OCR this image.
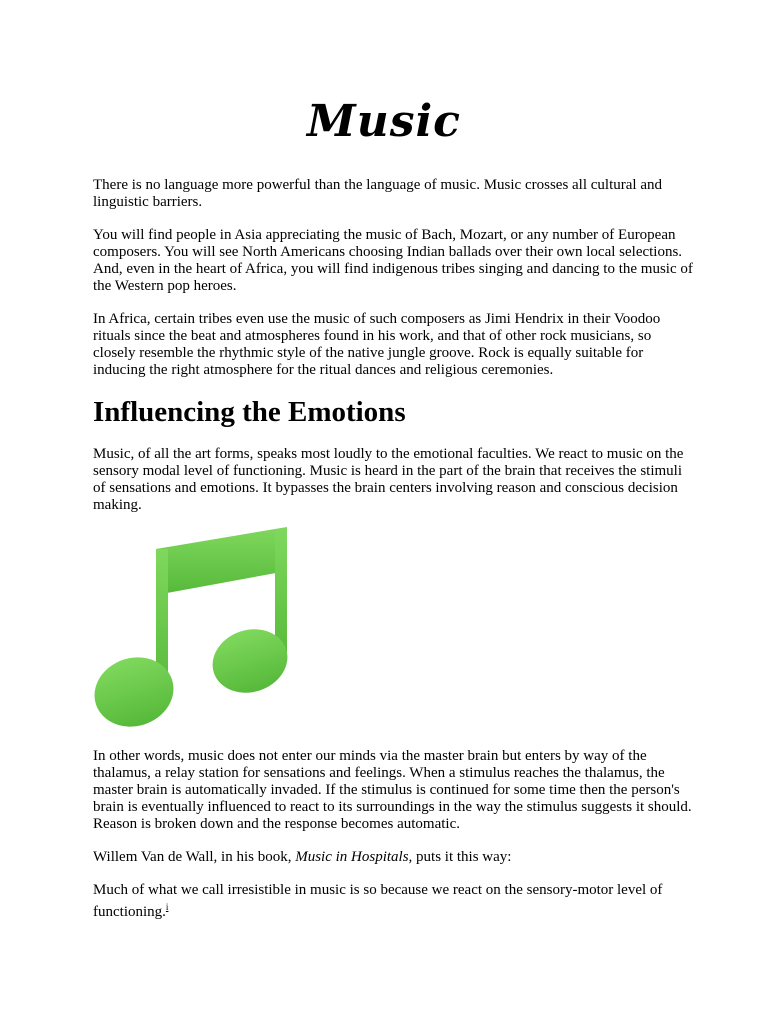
Music

There is no language more powerful than the language of music. Music crosses all cultural and linguistic barriers.

You will find people in Asia appreciating the music of Bach, Mozart, or any number of European composers. You will see North Americans choosing Indian ballads over their own local selections. And, even in the heart of Africa, you will find indigenous tribes singing and dancing to the music of the Western pop heroes.

In Africa, certain tribes even use the music of such composers as Jimi Hendrix in their Voodoo rituals since the beat and atmospheres found in his work, and that of other rock musicians, so closely resemble the rhythmic style of the native jungle groove. Rock is equally suitable for inducing the right atmosphere for the ritual dances and religious ceremonies.

Influencing the Emotions

Music, of all the art forms, speaks most loudly to the emotional faculties. We react to music on the sensory modal level of functioning. Music is heard in the part of the brain that receives the stimuli of sensations and emotions. It bypasses the brain centers involving reason and conscious decision making.

In other words, music does not enter our minds via the master brain but enters by way of the thalamus, a relay station for sensations and feelings. When a stimulus reaches the thalamus, the master brain is automatically invaded. If the stimulus is continued for some time then the person's brain is eventually influenced to react to its surroundings in the way the stimulus suggests it should. Reason is broken down and the response becomes automatic.

Willem Van de Wall, in his book, Music in Hospitals, puts it this way:

Much of what we call irresistible in music is so because we react on the sensory-motor level of functioning.$^i$
